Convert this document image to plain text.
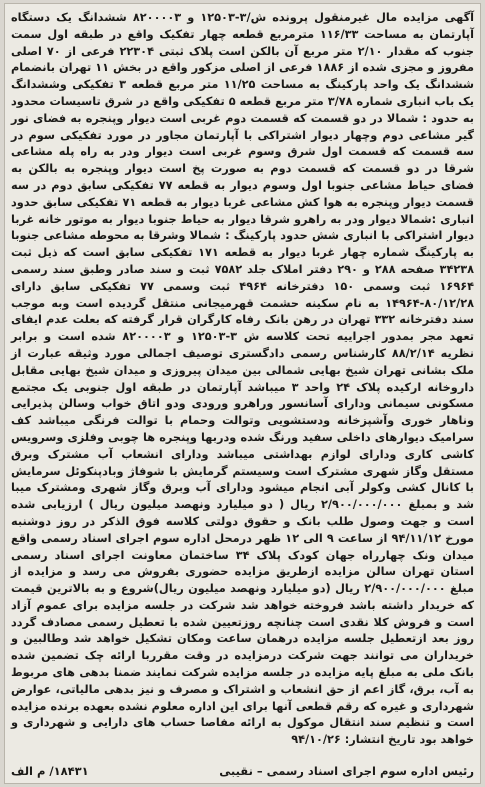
آگهی مزایده مال غیرمنقول پرونده ش/۳-۱۲۵۰۳ و ۸۲۰۰۰۰۳ ششدانگ یک دستگاه آپارتمان به مساحت ۱۱۶/۳۳ مترمربع قطعه چهار تفکیک واقع در طبقه اول سمت جنوب که مقدار ۲/۱۰ متر مربع آن بالکن است پلاک ثبتی ۲۲۳۰۴ فرعی از ۷۰ اصلی مفروز و مجزی شده از ۱۸۸۶ فرعی از اصلی مزکور واقع در بخش ۱۱ تهران بانضمام ششدانگ یک واحد پارکینگ به مساحت ۱۱/۲۵ متر مربع قطعه ۳ تفکیکی وششدانگ یک باب انباری شماره ۳/۷۸ متر مربع قطعه ۵ تفکیکی واقع در شرق تاسیسات محدود به حدود : شمالا در دو قسمت که قسمت دوم غربی است دیوار وپنجره به فضای نور گیر مشاعی دوم وچهار دیوار اشتراکی با آپارتمان مجاور در مورد تفکیکی سوم در سه قسمت که قسمت اول شرق وسوم غربی است دیوار ودر به راه پله مشاعی شرقا در دو قسمت که قسمت دوم به صورت پخ است دیوار وپنجره به بالکن به فضای حیاط مشاعی جنوبا اول وسوم دیوار به قطعه ۷۷ تفکیکی سابق دوم در سه قسمت دیوار وپنجره به هوا کش مشاعی غربا دیوار به قطعه ۷۱ تفکیکی سابق حدود انباری :شمالا دیوار ودر به راهرو شرقا دیوار به حیاط جنوبا دیوار به موتور خانه غربا دیوار اشتراکی با انباری شش حدود پارکینگ : شمالا وشرقا به محوطه مشاعی جنوبا به پارکینگ شماره چهار غربا دیوار به قطعه ۱۷۱ تفکیکی سابق است که ذیل ثبت ۳۴۲۳۸ صفحه ۲۸۸ و ۲۹۰ دفتر املاک جلد ۷۵۸۲ ثبت و سند صادر وطبق سند رسمی ۱۶۹۶۴ ثبت وسمی ۱۵۰ دفترخانه ۴۹۶۴ ثبت وسمی ۷۷ تفکیکی سابق دارای ۸۰/۱۲/۲۸-۱۴۹۶۴ به نام سکینه حشمت قهرمیجانی منتقل گردیده است وبه موجب سند دفترخانه ۳۳۲ تهران در رهن بانک رفاه کارگران قرار گرفته که بعلت عدم ایفای تعهد مجر بمدور اجراییه تحت کلاسه ش ۳-۱۲۵۰۳ و ۸۲۰۰۰۰۳ شده است و برابر نظریه ۸۸/۲/۱۴ کارشناس رسمی دادگستری توصیف اجمالی مورد وثیقه عبارت از ملک بشانی تهران شیخ بهایی شمالی بین میدان پیروزی و میدان شیخ بهایی مقابل داروخانه ارکیده پلاک ۲۴ واحد ۳ میباشد آپارتمان در طبقه اول جنوبی یک مجتمع مسکونی سیمانی ودارای آسانسور وراهرو ورودی ودو اتاق خواب وسالن پذیرایی وناهار خوری وآشپزخانه ودستشویی وتوالت وحمام با توالت فرنگی میباشد کف سرامیک دیوارهای داخلی سفید ورنگ شده ودربها وپنجره ها چوبی وفلزی وسرویس کاشی کاری ودارای لوازم بهداشتی میباشد ودارای انشعاب آب مشترک وبرق مستقل وگاز شهری مشترک است وسیستم گرمایش با شوفاژ وبادپنکوئل سرمایش با کانال کشی وکولر آبی انجام میشود ودارای آب وبرق وگاز شهری ومشترک میبا شد و بمبلغ ۲/۹۰۰/۰۰۰/۰۰۰ ریال ( دو میلیارد ونهصد میلیون ریال ) ارزیابی شده است و جهت وصول طلب بانک و حقوق دولتی کلاسه فوق الذکر در روز دوشنبه مورخ ۹۴/۱۱/۱۲ از ساعت ۹ الی ۱۲ ظهر درمحل اداره سوم اجرای اسناد رسمی واقع میدان ونک چهارراه جهان کودک پلاک ۳۴ ساختمان معاونت اجرای اسناد رسمی استان تهران سالن مزایده ازطریق مزایده حضوری بفروش می رسد و مزایده از مبلغ ۲/۹۰۰/۰۰۰/۰۰۰ ریال (دو میلیارد ونهصد میلیون ریال)شروع و به بالاترین قیمت که خریدار داشته باشد فروخته خواهد شد شرکت در جلسه مزایده برای عموم آزاد است و فروش کلا نقدی است چنانچه روزتعیین شده با تعطیل رسمی مصادف گردد روز بعد ازتعطیل جلسه مزایده درهمان ساعت ومکان تشکیل خواهد شد وطالبین و خریداران می توانند جهت شرکت درمزایده در وقت مقرربا ارائه چک تضمین شده بانک ملی به مبلغ پایه مزایده در جلسه مزایده شرکت نمایند ضمنا بدهی های مربوط به آب، برق، گاز اعم از حق انشعاب و اشتراک و مصرف و نیز بدهی مالیاتی، عوارض شهرداری و غیره که رقم قطعی آنها برای این اداره معلوم نشده بعهده برنده مزایده است و تنظیم سند انتقال موکول به ارائه مفاصا حساب های دارایی و شهرداری و خواهد بود تاریخ انتشار: ۹۴/۱۰/۲۶

رئیس اداره سوم اجرای اسناد رسمی – نقیبی
۱۸۴۳۱/ م الف
